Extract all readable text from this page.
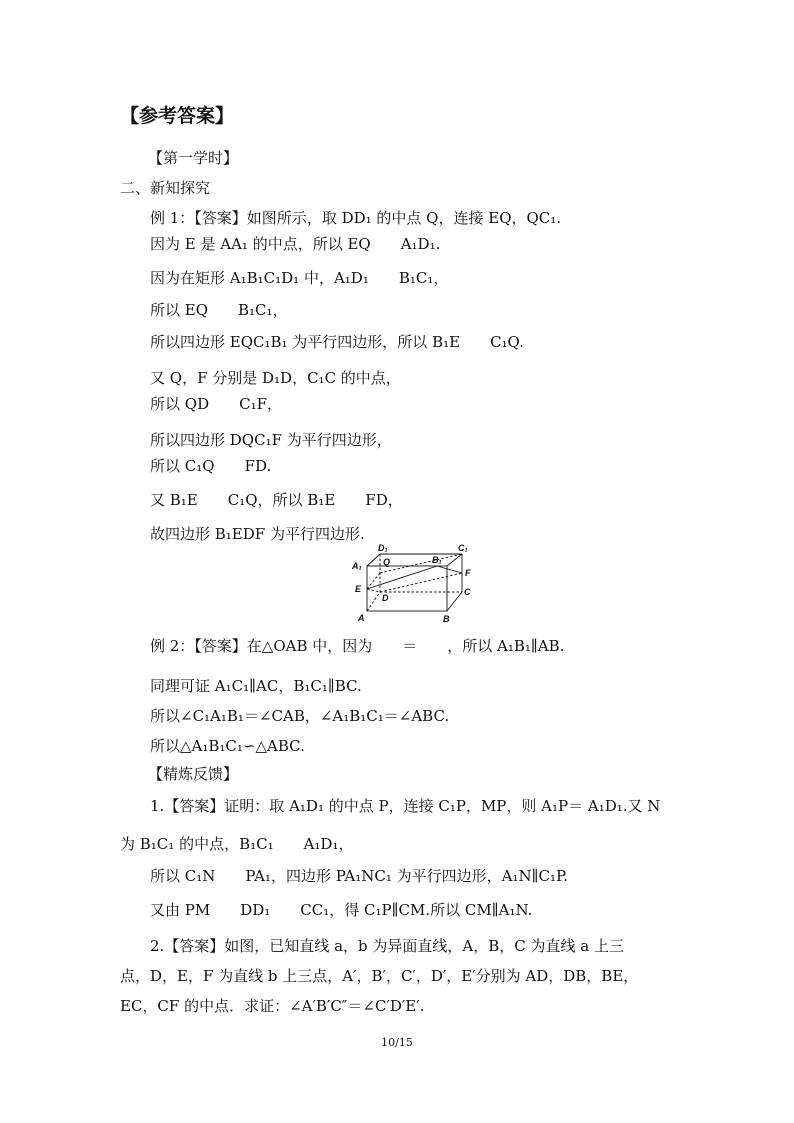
【参考答案】
【第一学时】
二、新知探究
例 1：【答案】如图所示，取 DD₁ 的中点 Q，连接 EQ，QC₁.
因为 E 是 AA₁ 的中点，所以 EQ　　A₁D₁.
因为在矩形 A₁B₁C₁D₁ 中，A₁D₁　　B₁C₁，
所以 EQ　　B₁C₁，
所以四边形 EQC₁B₁ 为平行四边形，所以 B₁E　　C₁Q.
又 Q，F 分别是 D₁D，C₁C 的中点，
所以 QD　　C₁F，
所以四边形 DQC₁F 为平行四边形，
所以 C₁Q　　FD.
又 B₁E　　C₁Q，所以 B₁E　　FD，
故四边形 B₁EDF 为平行四边形.
D₁	C₁
A₁ Q	B₁
F
E
D
C
A	B
例 2：【答案】在△OAB 中，因为　　＝　　，所以 A₁B₁∥AB.
同理可证 A₁C₁∥AC，B₁C₁∥BC.
所以∠C₁A₁B₁＝∠CAB，∠A₁B₁C₁＝∠ABC.
所以△A₁B₁C₁∽△ABC.
【精炼反馈】
1.【答案】证明：取 A₁D₁ 的中点 P，连接 C₁P，MP，则 A₁P＝ A₁D₁.又 N
为 B₁C₁ 的中点，B₁C₁　　A₁D₁，
所以 C₁N　　PA₁，四边形 PA₁NC₁ 为平行四边形，A₁N∥C₁P.
又由 PM　　DD₁　　CC₁，得 C₁P∥CM.所以 CM∥A₁N.
2.【答案】如图，已知直线 a，b 为异面直线，A，B，C 为直线 a 上三
点，D，E，F 为直线 b 上三点，A′，B′，C′，D′，E′分别为 AD，DB，BE，
EC，CF 的中点．求证：∠A′B′C″＝∠C′D′E′.
10/15
